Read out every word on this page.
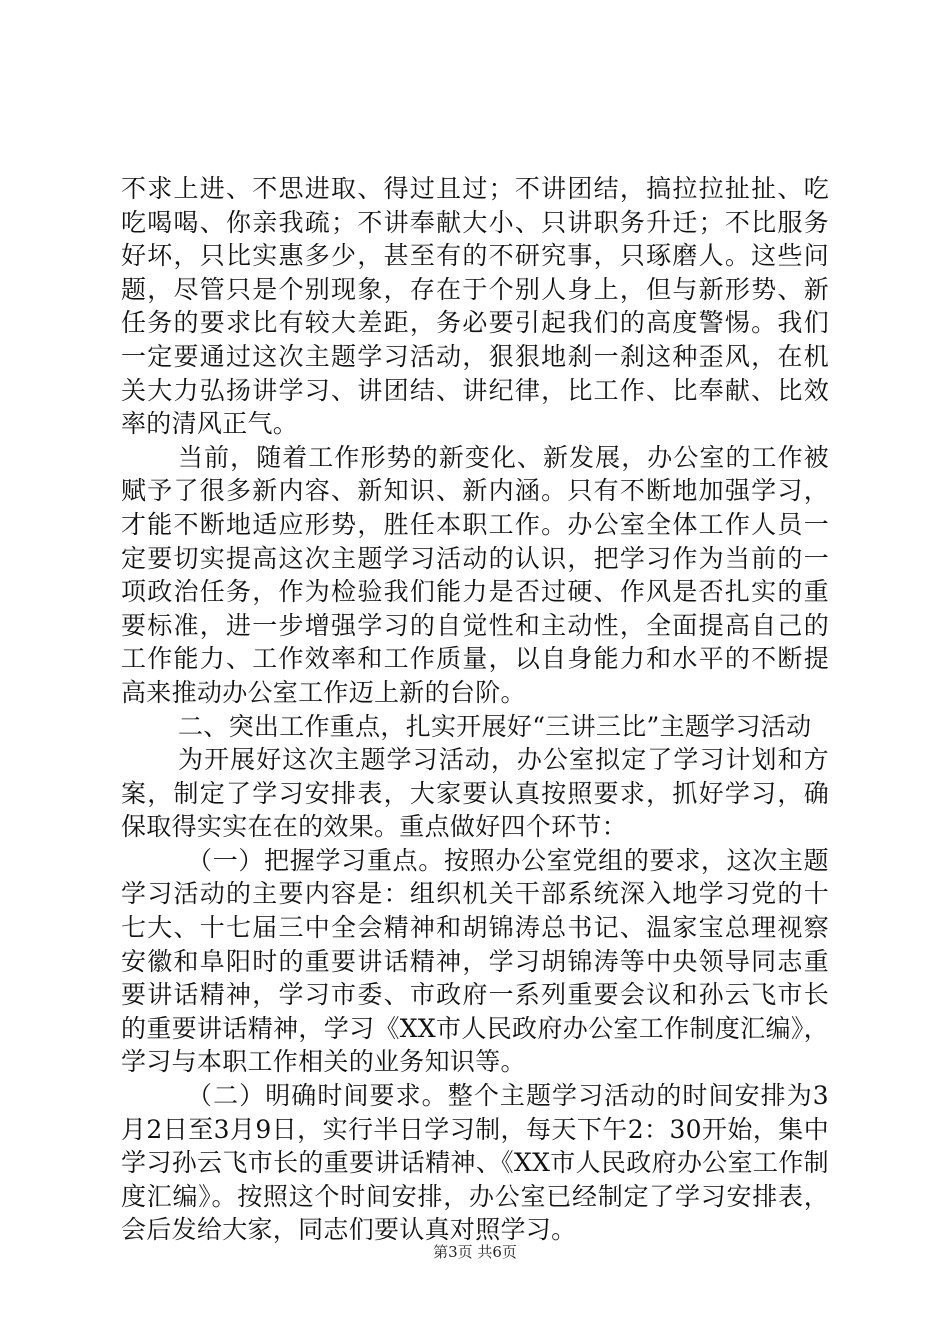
不求上进、不思进取、得过且过；不讲团结，搞拉拉扯扯、吃吃喝喝、你亲我疏；不讲奉献大小、只讲职务升迁；不比服务好坏，只比实惠多少，甚至有的不研究事，只琢磨人。这些问题，尽管只是个别现象，存在于个别人身上，但与新形势、新任务的要求比有较大差距，务必要引起我们的高度警惕。我们一定要通过这次主题学习活动，狠狠地刹一刹这种歪风，在机关大力弘扬讲学习、讲团结、讲纪律，比工作、比奉献、比效率的清风正气。

当前，随着工作形势的新变化、新发展，办公室的工作被赋予了很多新内容、新知识、新内涵。只有不断地加强学习，才能不断地适应形势，胜任本职工作。办公室全体工作人员一定要切实提高这次主题学习活动的认识，把学习作为当前的一项政治任务，作为检验我们能力是否过硬、作风是否扎实的重要标准，进一步增强学习的自觉性和主动性，全面提高自己的工作能力、工作效率和工作质量，以自身能力和水平的不断提高来推动办公室工作迈上新的台阶。

二、突出工作重点，扎实开展好“三讲三比”主题学习活动

为开展好这次主题学习活动，办公室拟定了学习计划和方案，制定了学习安排表，大家要认真按照要求，抓好学习，确保取得实实在在的效果。重点做好四个环节：

（一）把握学习重点。按照办公室党组的要求，这次主题学习活动的主要内容是：组织机关干部系统深入地学习党的十七大、十七届三中全会精神和胡锦涛总书记、温家宝总理视察安徽和阜阳时的重要讲话精神，学习胡锦涛等中央领导同志重要讲话精神，学习市委、市政府一系列重要会议和孙云飞市长的重要讲话精神，学习《XX市人民政府办公室工作制度汇编》，学习与本职工作相关的业务知识等。

（二）明确时间要求。整个主题学习活动的时间安排为3月2日至3月9日，实行半日学习制，每天下午2：30开始，集中学习孙云飞市长的重要讲话精神、《XX市人民政府办公室工作制度汇编》。按照这个时间安排，办公室已经制定了学习安排表，会后发给大家，同志们要认真对照学习。

第3页 共6页
